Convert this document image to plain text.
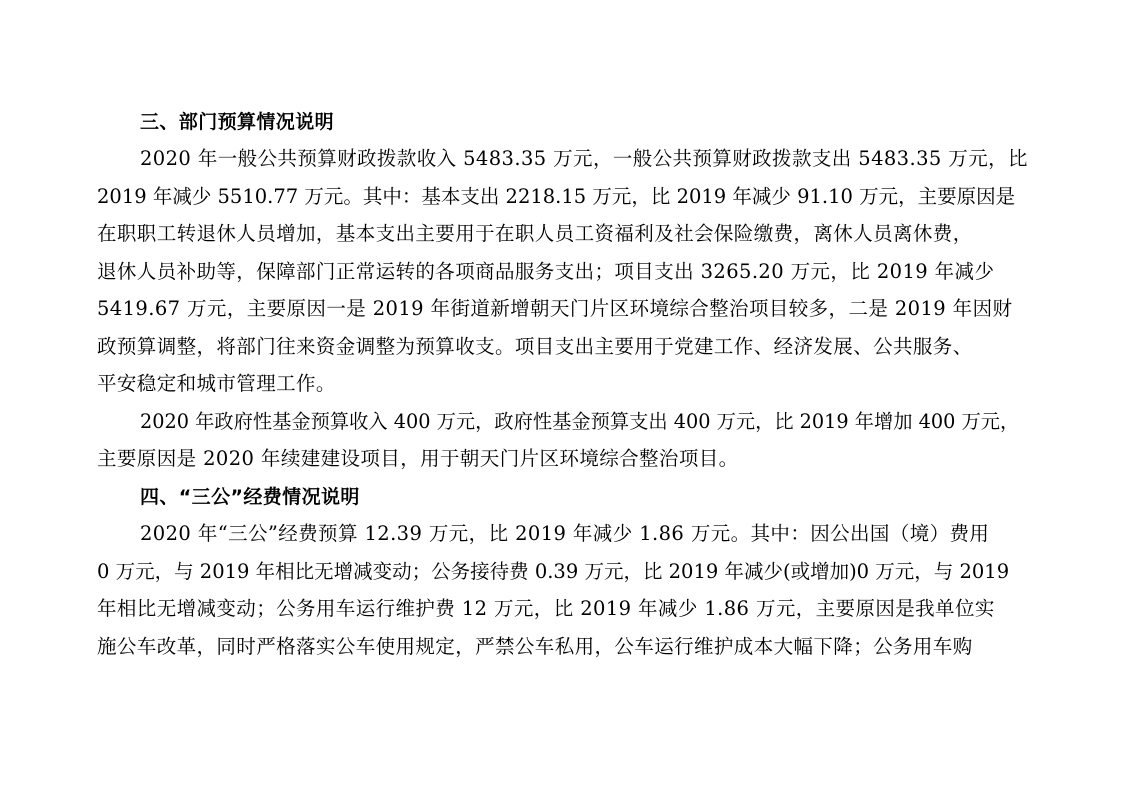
三、部门预算情况说明
2020 年一般公共预算财政拨款收入 5483.35 万元，一般公共预算财政拨款支出 5483.35 万元，比
2019 年减少 5510.77 万元。其中：基本支出 2218.15 万元，比 2019 年减少 91.10 万元，主要原因是
在职职工转退休人员增加，基本支出主要用于在职人员工资福利及社会保险缴费，离休人员离休费，
退休人员补助等，保障部门正常运转的各项商品服务支出；项目支出 3265.20 万元，比 2019 年减少
5419.67 万元，主要原因一是 2019 年街道新增朝天门片区环境综合整治项目较多，二是 2019 年因财
政预算调整，将部门往来资金调整为预算收支。项目支出主要用于党建工作、经济发展、公共服务、
平安稳定和城市管理工作。
2020 年政府性基金预算收入 400 万元，政府性基金预算支出 400 万元，比 2019 年增加 400 万元，
主要原因是 2020 年续建建设项目，用于朝天门片区环境综合整治项目。
四、“三公”经费情况说明
2020 年“三公”经费预算 12.39 万元，比 2019 年减少 1.86 万元。其中：因公出国（境）费用
0 万元，与 2019 年相比无增减变动；公务接待费 0.39 万元，比 2019 年减少(或增加)0 万元，与 2019
年相比无增减变动；公务用车运行维护费 12 万元，比 2019 年减少 1.86 万元，主要原因是我单位实
施公车改革，同时严格落实公车使用规定，严禁公车私用，公车运行维护成本大幅下降；公务用车购
